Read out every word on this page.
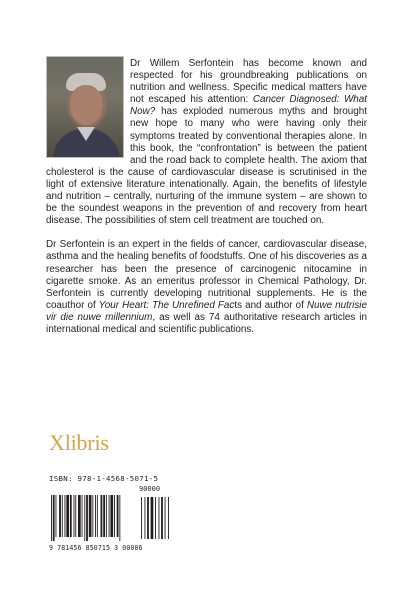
Dr Willem Serfontein has become known and respected for his groundbreaking publications on nutrition and wellness. Specific medical matters have not escaped his attention: Cancer Diagnosed: What Now? has exploded numerous myths and brought new hope to many who were having only their symptoms treated by conventional therapies alone. In this book, the “confrontation” is between the patient and the road back to complete health. The axiom that cholesterol is the cause of cardiovascular disease is scrutinised in the light of extensive literature intenationally. Again, the benefits of lifestyle and nutrition – centrally, nurturing of the immune system – are shown to be the soundest weapons in the prevention of and recovery from heart disease. The possibilities of stem cell treatment are touched on.

Dr Serfontein is an expert in the fields of cancer, cardiovascular disease, asthma and the healing benefits of foodstuffs. One of his discoveries as a researcher has been the presence of carcinogenic nitocamine in cigarette smoke. As an emeritus professor in Chemical Pathology, Dr. Serfontein is currently developing nutritional supplements. He is the coauthor of Your Heart: The Unrefined Facts and author of Nuwe nutrisie vir die nuwe millennium, as well as 74 authoritative research articles in international medical and scientific publications.

Xlibris
ISBN: 978-1-4568-5071-5
90000
9 781456 850715 3 00086
